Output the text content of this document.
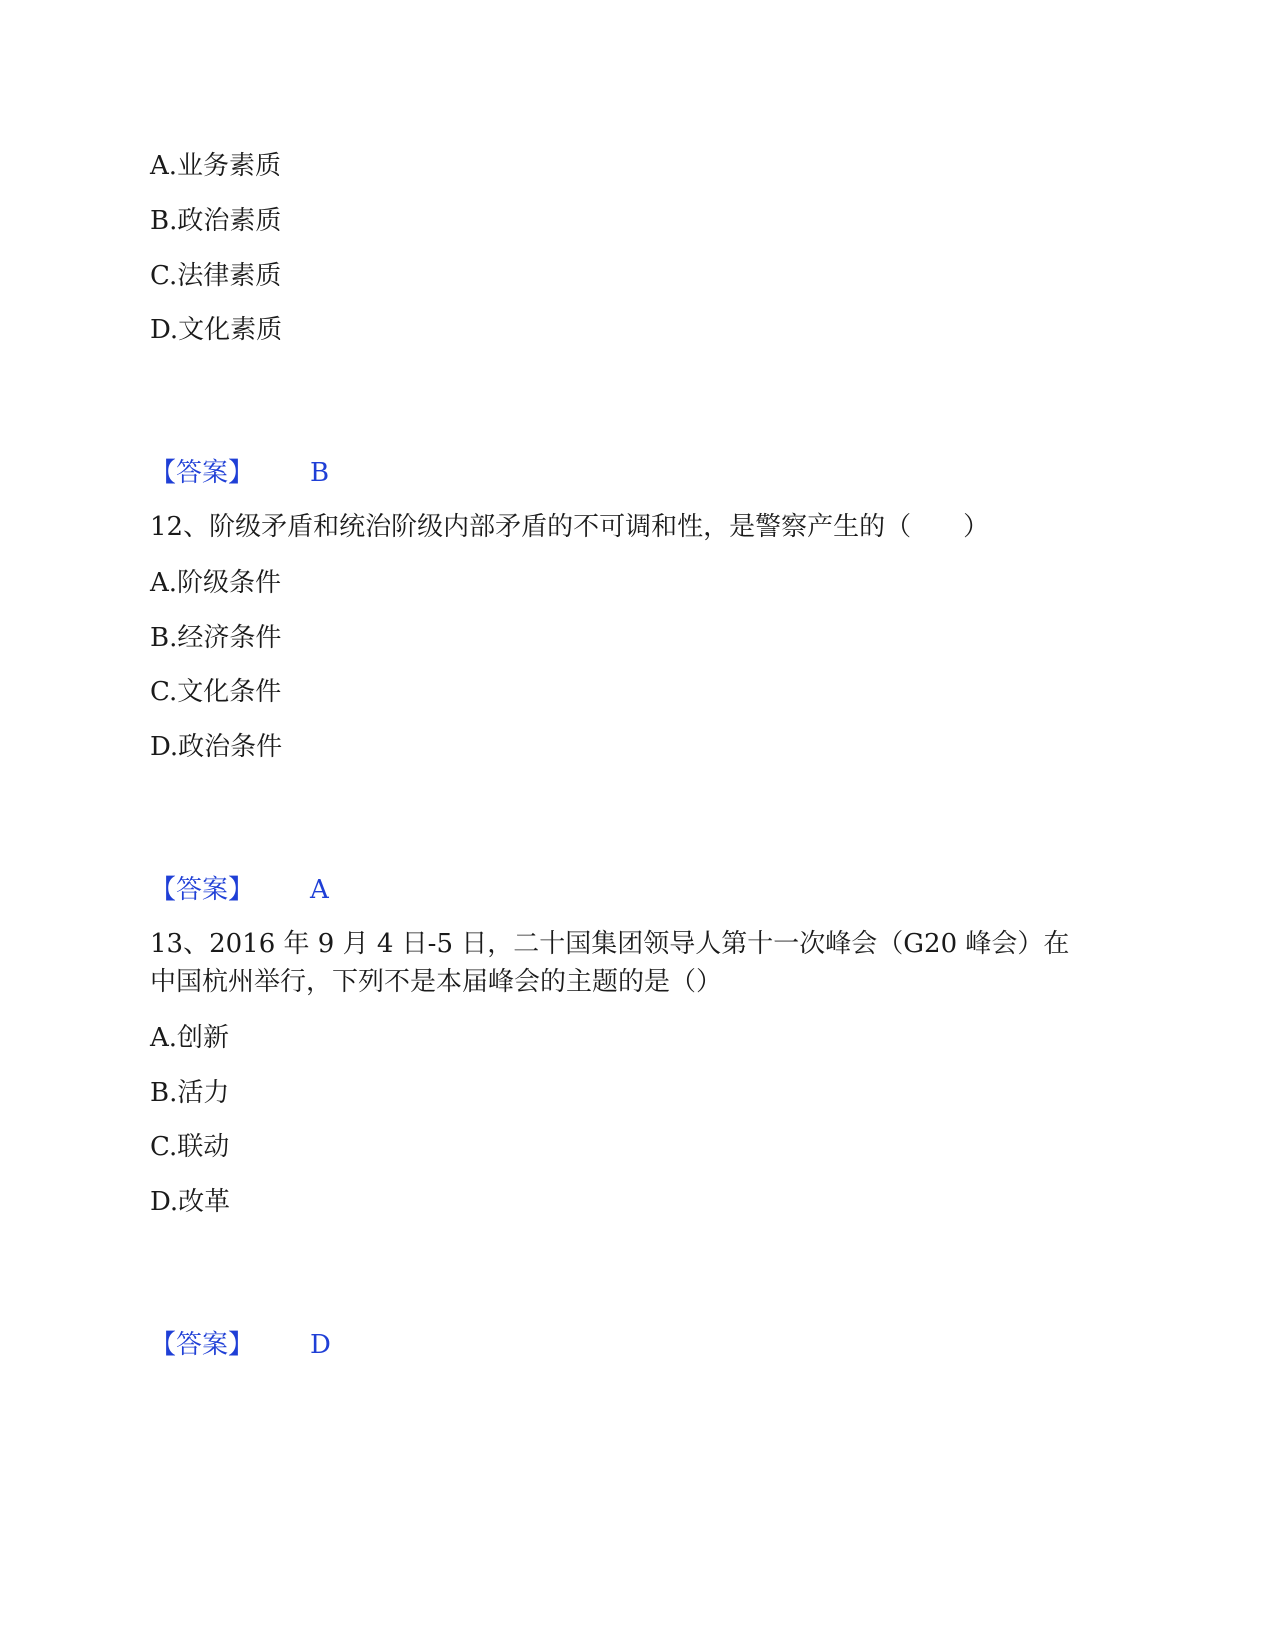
A.业务素质
B.政治素质
C.法律素质
D.文化素质
【答案】 B
12、阶级矛盾和统治阶级内部矛盾的不可调和性，是警察产生的（　　）
A.阶级条件
B.经济条件
C.文化条件
D.政治条件
【答案】 A
13、2016 年 9 月 4 日-5 日，二十国集团领导人第十一次峰会（G20 峰会）在
中国杭州举行，下列不是本届峰会的主题的是（）
A.创新
B.活力
C.联动
D.改革
【答案】 D
